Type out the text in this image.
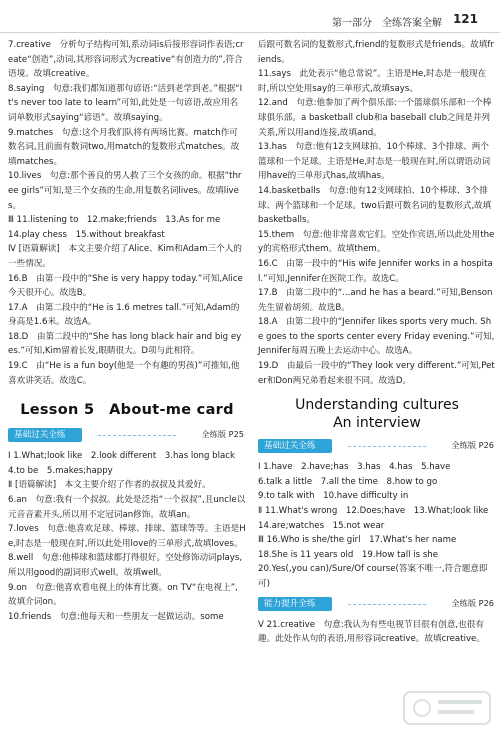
第一部分　全练答案全解 121

7.creative　分析句子结构可知,系动词is后接形容词作表语;create“创造”,动词,其形容词形式为creative“有创造力的”,符合语境。故填creative。

8.saying　句意:我们都知道那句谚语:“活到老学到老。”根据“It's never too late to learn”可知,此处是一句谚语,故应用名词单数形式saying“谚语”。故填saying。

9.matches　句意:这个月我们队将有两场比赛。match作可数名词,且前面有数词two,用match的复数形式matches。故填matches。

10.lives　句意:那个善良的男人救了三个女孩的命。根据“three girls”可知,是三个女孩的生命,用复数名词lives。故填lives。

Ⅲ 11.listening to　12.make;friends　13.As for me

14.play chess　15.without breakfast

Ⅳ [语篇解读]　本文主要介绍了Alice、Kim和Adam三个人的一些情况。

16.B　由第一段中的“She is very happy today.”可知,Alice今天很开心。故选B。

17.A　由第二段中的“He is 1.6 metres tall.”可知,Adam的身高是1.6米。故选A。

18.D　由第二段中的“She has long black hair and big eyes.”可知,Kim留着长发,眼睛很大。D项与此相符。

19.C　由“He is a fun boy(他是一个有趣的男孩)”可推知,他喜欢讲笑话。故选C。

Lesson 5　About-me card
基础过关全练	全练版 P25

Ⅰ 1.What;look like　2.look different　3.has long black

4.to be　5.makes;happy

Ⅱ [语篇解读]　本文主要介绍了作者的叔叔及其爱好。

6.an　句意:我有一个叔叔。此处是泛指“一个叔叔”,且uncle以元音音素开头,所以用不定冠词an修饰。故填an。

7.loves　句意:他喜欢足球、棒球、排球、篮球等等。主语是He,时态是一般现在时,所以此处用love的三单形式,故填loves。

8.well　句意:他棒球和篮球都打得很好。空处修饰动词plays,所以用good的副词形式well。故填well。

9.on　句意:他喜欢看电视上的体育比赛。on TV“在电视上”,故填介词on。

10.friends　句意:他每天和一些朋友一起做运动。some

后跟可数名词的复数形式,friend的复数形式是friends。故填friends。

11.says　此处表示“他总常说”。主语是He,时态是一般现在时,所以空处用say的三单形式,故填says。

12.and　句意:他参加了两个俱乐部:一个篮球俱乐部和一个棒球俱乐部。a basketball club和a baseball club之间是并列关系,所以用and连接,故填and。

13.has　句意:他有12支网球拍、10个棒球、3个排球、两个篮球和一个足球。主语是He,时态是一般现在时,所以谓语动词用have的三单形式has,故填has。

14.basketballs　句意:他有12支网球拍、10个棒球、3个排球、两个篮球和一个足球。two后跟可数名词的复数形式,故填basketballs。

15.them　句意:他非常喜欢它们。空处作宾语,所以此处用they的宾格形式them。故填them。

16.C　由第一段中的“His wife Jennifer works in a hospital.”可知,Jennifer在医院工作。故选C。

17.B　由第二段中的“...and he has a beard.”可知,Benson先生留着胡须。故选B。

18.A　由第二段中的“Jennifer likes sports very much. She goes to the sports center every Friday evening.”可知,Jennifer每周五晚上去运动中心。故选A。

19.D　由最后一段中的“They look very different.”可知,Peter和Don两兄弟看起来很不同。故选D。

Understanding cultures
An interview
基础过关全练	全练版 P26

Ⅰ 1.have　2.have;has　3.has　4.has　5.have

6.talk a little　7.all the time　8.how to go

9.to talk with　10.have difficulty in

Ⅱ 11.What's wrong　12.Does;have　13.What;look like

14.are;watches　15.not wear

Ⅲ 16.Who is she/the girl　17.What's her name

18.She is 11 years old　19.How tall is she

20.Yes(,you can)/Sure/Of course(答案不唯一,符合题意即可)

能力提升全练	全练版 P26

Ⅴ 21.creative　句意:我认为有些电视节目很有创意,也很有趣。此处作从句的表语,用形容词creative。故填creative。
